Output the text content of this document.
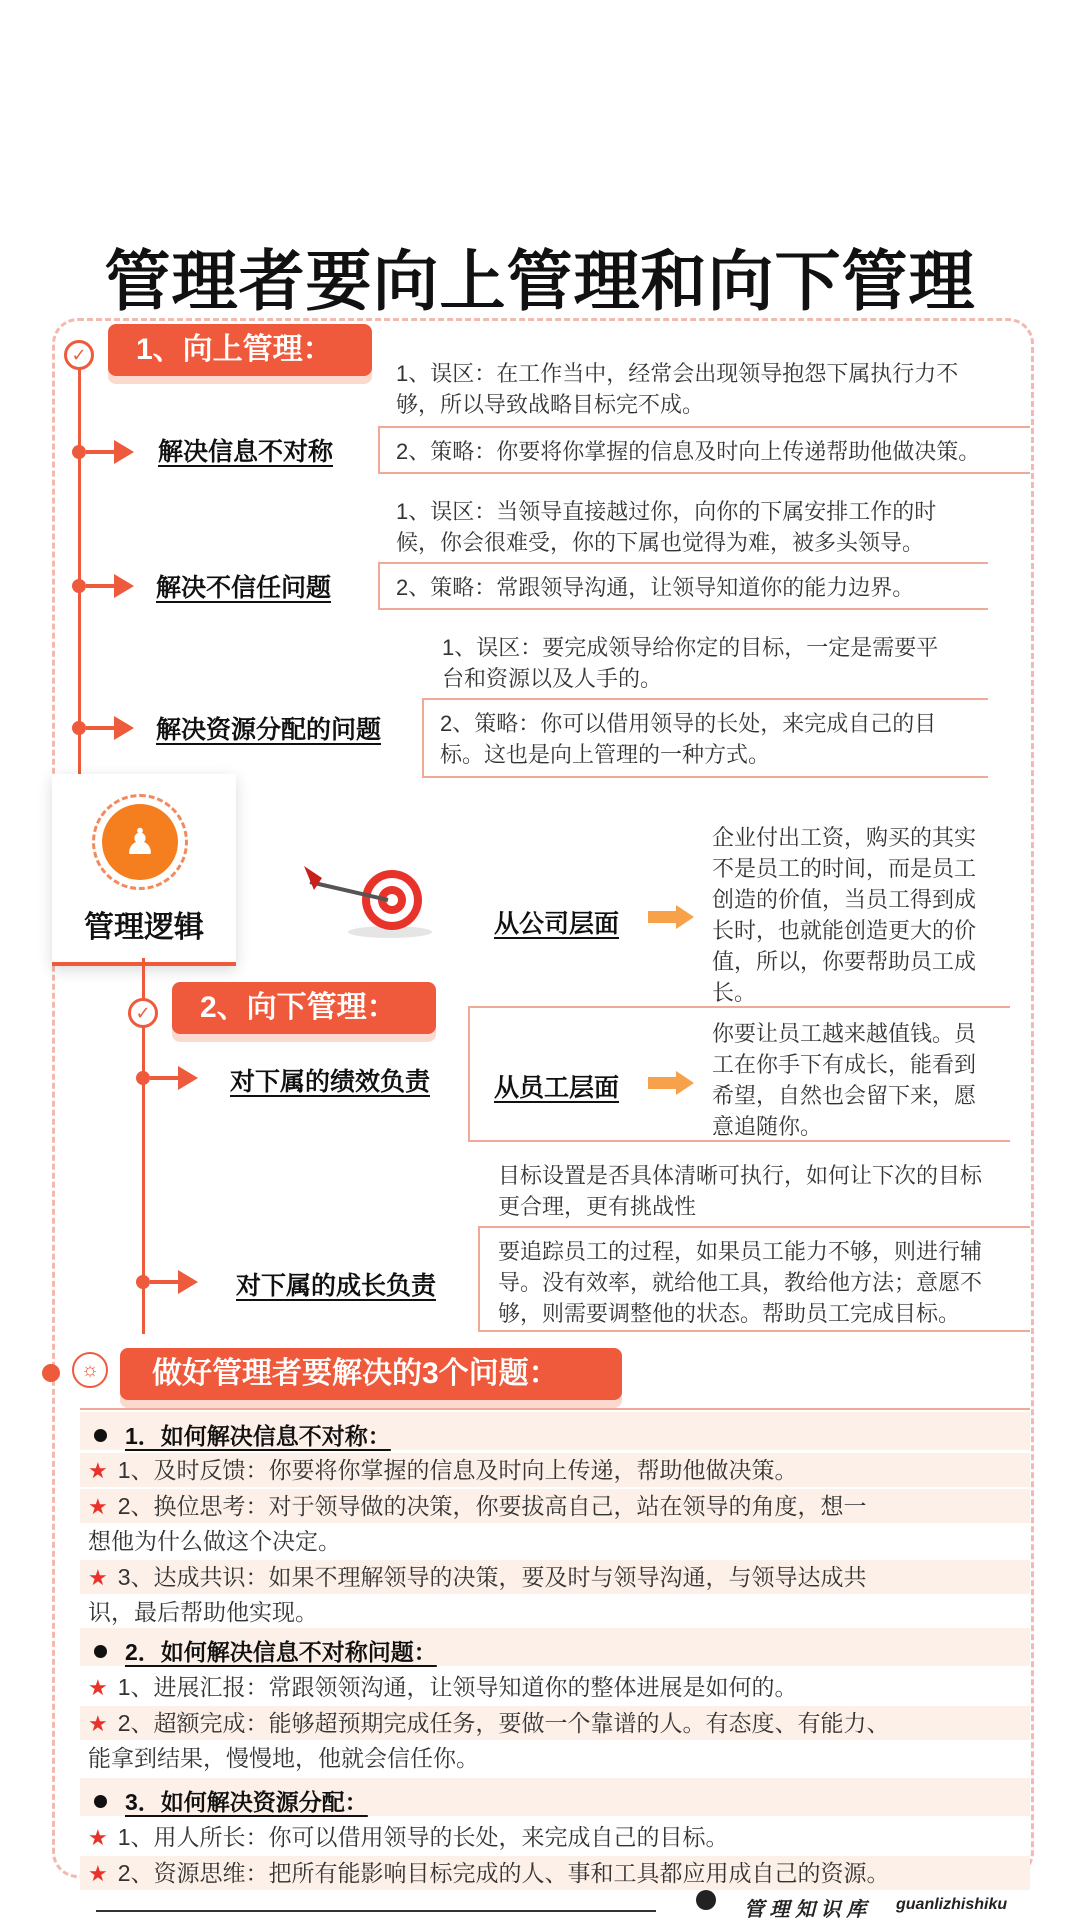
管理者要向上管理和向下管理
✓	1、向上管理：
解决信息不对称
1、误区：在工作当中，经常会出现领导抱怨下属执行力不
够，所以导致战略目标完不成。
2、策略：你要将你掌握的信息及时向上传递帮助他做决策。
解决不信任问题
1、误区：当领导直接越过你，向你的下属安排工作的时
候，你会很难受，你的下属也觉得为难，被多头领导。
2、策略：常跟领导沟通，让领导知道你的能力边界。
解决资源分配的问题
1、误区：要完成领导给你定的目标，一定是需要平
台和资源以及人手的。
2、策略：你可以借用领导的长处，来完成自己的目
标。这也是向上管理的一种方式。
♟
管理逻辑	从公司层面
企业付出工资，购买的其实
不是员工的时间，而是员工
创造的价值，当员工得到成
长时，也就能创造更大的价
值，所以，你要帮助员工成
长。
从员工层面
你要让员工越来越值钱。员
工在你手下有成长，能看到
希望，自然也会留下来，愿
意追随你。
✓	2、向下管理：
对下属的绩效负责
目标设置是否具体清晰可执行，如何让下次的目标
更合理，更有挑战性
要追踪员工的过程，如果员工能力不够，则进行辅
导。没有效率，就给他工具，教给他方法；意愿不
够，则需要调整他的状态。帮助员工完成目标。
对下属的成长负责
☼	做好管理者要解决的3个问题：
1．如何解决信息不对称：
★ 1、及时反馈：你要将你掌握的信息及时向上传递，帮助他做决策。
★ 2、换位思考：对于领导做的决策，你要拔高自己，站在领导的角度，想一
想他为什么做这个决定。
★ 3、达成共识：如果不理解领导的决策，要及时与领导沟通，与领导达成共
识，最后帮助他实现。
2．如何解决信息不对称问题：
★ 1、进展汇报：常跟领领沟通，让领导知道你的整体进展是如何的。
★ 2、超额完成：能够超预期完成任务，要做一个靠谱的人。有态度、有能力、
能拿到结果，慢慢地，他就会信任你。
3．如何解决资源分配：
★ 1、用人所长：你可以借用领导的长处，来完成自己的目标。
★ 2、资源思维：把所有能影响目标完成的人、事和工具都应用成自己的资源。
管 理 知 识 库 guanlizhishiku
